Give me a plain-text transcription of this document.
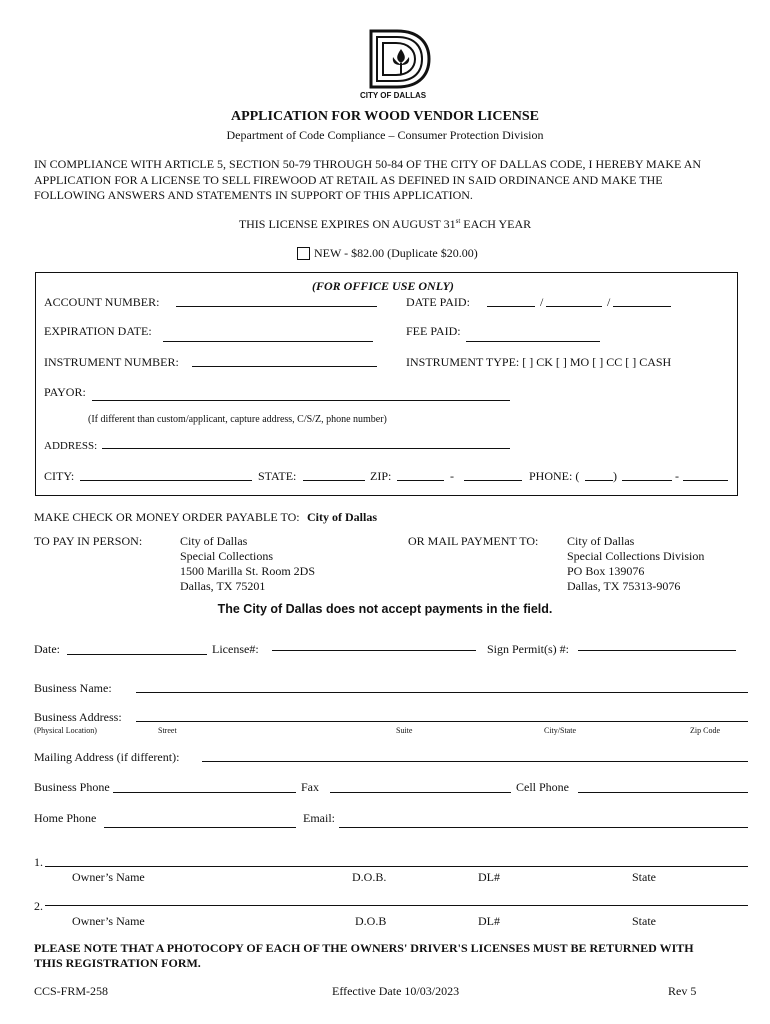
CITY OF DALLAS
APPLICATION FOR WOOD VENDOR LICENSE
Department of Code Compliance – Consumer Protection Division
IN COMPLIANCE WITH ARTICLE 5, SECTION 50-79 THROUGH 50-84 OF THE CITY OF DALLAS CODE, I HEREBY MAKE AN
APPLICATION FOR A LICENSE TO SELL FIREWOOD AT RETAIL AS DEFINED IN SAID ORDINANCE AND MAKE THE
FOLLOWING ANSWERS AND STATEMENTS IN SUPPORT OF THIS APPLICATION.
THIS LICENSE EXPIRES ON AUGUST 31st EACH YEAR
NEW - $82.00 (Duplicate $20.00)
(FOR OFFICE USE ONLY)
ACCOUNT NUMBER:	DATE PAID:	/	/
EXPIRATION DATE:	FEE PAID:
INSTRUMENT NUMBER:	INSTRUMENT TYPE: [ ] CK [ ] MO [ ] CC [ ] CASH
PAYOR:
(If different than custom/applicant, capture address, C/S/Z, phone number)
ADDRESS:
CITY:	STATE:	ZIP:	-	PHONE: (	)	-
MAKE CHECK OR MONEY ORDER PAYABLE TO: City of Dallas
TO PAY IN PERSON:	City of Dallas
Special Collections
1500 Marilla St. Room 2DS
Dallas, TX 75201
OR MAIL PAYMENT TO: City of Dallas
Special Collections Division
PO Box 139076
Dallas, TX 75313-9076
The City of Dallas does not accept payments in the field.
Date:	License#:	Sign Permit(s) #:
Business Name:
Business Address:
(Physical Location)	Street	Suite	City/State	Zip Code
Mailing Address (if different):
Business Phone	Fax	Cell Phone
Home Phone	Email:
1.
Owner’s Name	D.O.B.	DL#	State
2.
Owner’s Name	D.O.B	DL#	State
PLEASE NOTE THAT A PHOTOCOPY OF EACH OF THE OWNERS' DRIVER'S LICENSES MUST BE RETURNED WITH
THIS REGISTRATION FORM.
CCS-FRM-258	Effective Date 10/03/2023	Rev 5
